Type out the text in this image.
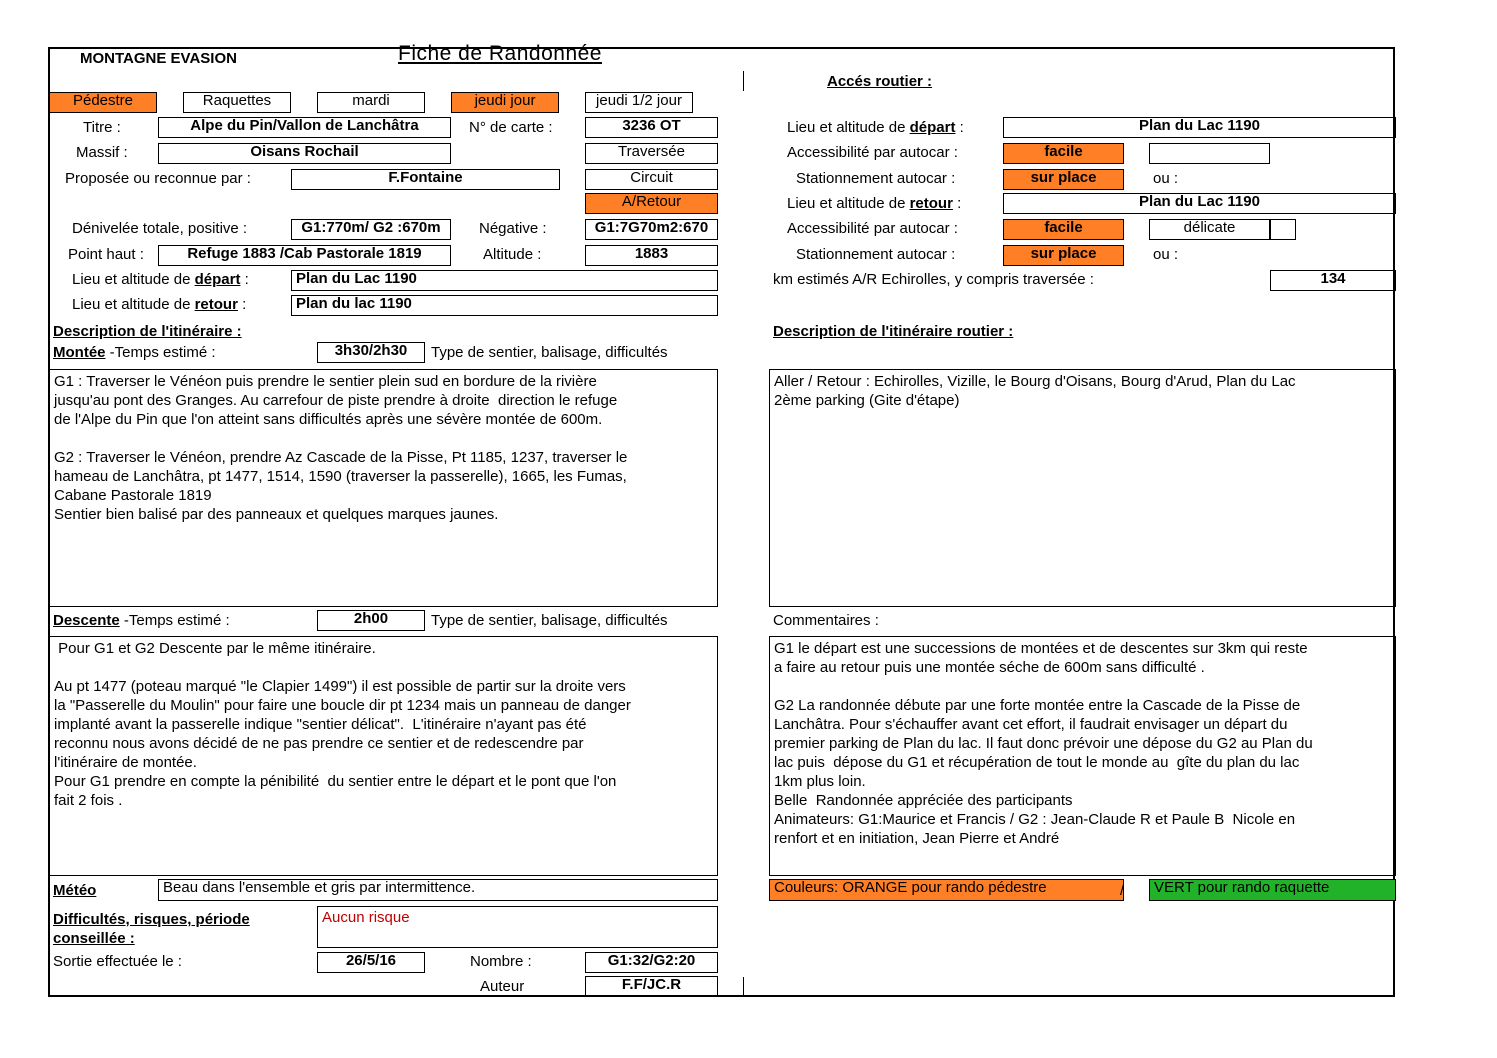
MONTAGNE EVASION	Fiche de Randonnée
Accés routier :
Pédestre	Raquettes	mardi	jeudi jour	jeudi 1/2 jour
Titre :	Alpe du Pin/Vallon de Lanchâtra	N° de carte :	3236 OT
Massif :	Oisans Rochail	Traversée
Proposée ou reconnue par :	F.Fontaine	Circuit
A/Retour
Dénivelée totale, positive :	G1:770m/ G2 :670m	Négative :	G1:7G70m2:670
Point haut :	Refuge 1883 /Cab Pastorale 1819	Altitude :	1883
Lieu et altitude de départ :	Plan du Lac 1190
Lieu et altitude de retour :	Plan du lac 1190
Lieu et altitude de départ :	Plan du Lac 1190
Accessibilité par autocar :	facile
Stationnement autocar :	sur place	ou :
Lieu et altitude de retour :	Plan du Lac 1190
Accessibilité par autocar :	facile	délicate
Stationnement autocar :	sur place	ou :
km estimés A/R Echirolles, y compris traversée :	134
Description de l'itinéraire :	Description de l'itinéraire routier :
Montée -Temps estimé :	3h30/2h30	Type de sentier, balisage, difficultés
G1 : Traverser le Vénéon puis prendre le sentier plein sud en bordure de la rivière
jusqu'au pont des Granges. Au carrefour de piste prendre à droite  direction le refuge
de l'Alpe du Pin que l'on atteint sans difficultés après une sévère montée de 600m.

G2 : Traverser le Vénéon, prendre Az Cascade de la Pisse, Pt 1185, 1237, traverser le
hameau de Lanchâtra, pt 1477, 1514, 1590 (traverser la passerelle), 1665, les Fumas,
Cabane Pastorale 1819
Sentier bien balisé par des panneaux et quelques marques jaunes.
Aller / Retour : Echirolles, Vizille, le Bourg d'Oisans, Bourg d'Arud, Plan du Lac
2ème parking (Gite d'étape)
Descente -Temps estimé :	2h00	Type de sentier, balisage, difficultés	Commentaires :
Pour G1 et G2 Descente par le même itinéraire.

Au pt 1477 (poteau marqué "le Clapier 1499") il est possible de partir sur la droite vers
la "Passerelle du Moulin" pour faire une boucle dir pt 1234 mais un panneau de danger
implanté avant la passerelle indique "sentier délicat".  L'itinéraire n'ayant pas été
reconnu nous avons décidé de ne pas prendre ce sentier et de redescendre par
l'itinéraire de montée.
Pour G1 prendre en compte la pénibilité  du sentier entre le départ et le pont que l'on
fait 2 fois .
G1 le départ est une successions de montées et de descentes sur 3km qui reste
a faire au retour puis une montée séche de 600m sans difficulté .

G2 La randonnée débute par une forte montée entre la Cascade de la Pisse de
Lanchâtra. Pour s'échauffer avant cet effort, il faudrait envisager un départ du
premier parking de Plan du lac. Il faut donc prévoir une dépose du G2 au Plan du
lac puis  dépose du G1 et récupération de tout le monde au  gîte du plan du lac
1km plus loin.
Belle  Randonnée appréciée des participants
Animateurs: G1:Maurice et Francis / G2 : Jean-Claude R et Paule B  Nicole en
renfort et en initiation, Jean Pierre et André
Météo	Beau dans l'ensemble et gris par intermittence.	Couleurs: ORANGE pour rando pédestre	/	VERT pour rando raquette
Difficultés, risques, période conseillée :
Aucun risque
Sortie effectuée le :	26/5/16	Nombre :	G1:32/G2:20
Auteur	F.F/JC.R
